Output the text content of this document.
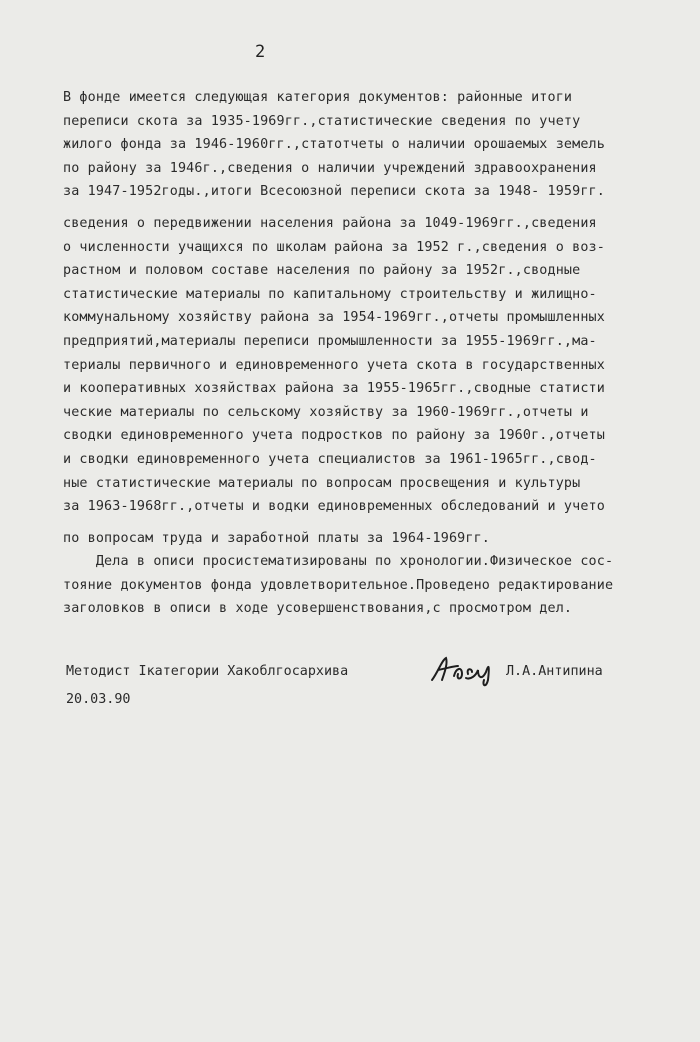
2
В фонде имеется следующая категория документов: районные итоги
переписи скота за 1935-1969гг.,статистические сведения по учету
жилого фонда за 1946-1960гг.,статотчеты о наличии орошаемых земель
по району за 1946г.,сведения о наличии учреждений здравоохранения
за 1947-1952годы.,итоги Всесоюзной переписи скота за 1948- 1959гг.
сведения о передвижении населения района за 1049-1969гг.,сведения
о численности учащихся по школам района за 1952 г.,сведения о воз-
растном и половом составе населения по району за 1952г.,сводные
статистические материалы по капитальному строительству и жилищно-
коммунальному хозяйству района за 1954-1969гг.,отчеты промышленных
предприятий,материалы переписи промышленности за 1955-1969гг.,ма-
териалы первичного и единовременного учета скота в государственных
и кооперативных хозяйствах района за 1955-1965гг.,сводные статисти
ческие материалы по сельскому хозяйству за 1960-1969гг.,отчеты и
сводки единовременного учета подростков по району за 1960г.,отчеты
и сводки единовременного учета специалистов за 1961-1965гг.,свод-
ные статистические материалы по вопросам просвещения и культуры
за 1963-1968гг.,отчеты и водки единовременных обследований и учето
по вопросам труда и заработной платы за 1964-1969гг.
Дела в описи просистематизированы по хронологии.Физическое сос-
тояние документов фонда удовлетворительное.Проведено редактирование
заголовков в описи в ходе усовершенствования,с просмотром дел.
Методист Iкатегории Хакоблгосархива	Л.А.Антипина
20.03.90
